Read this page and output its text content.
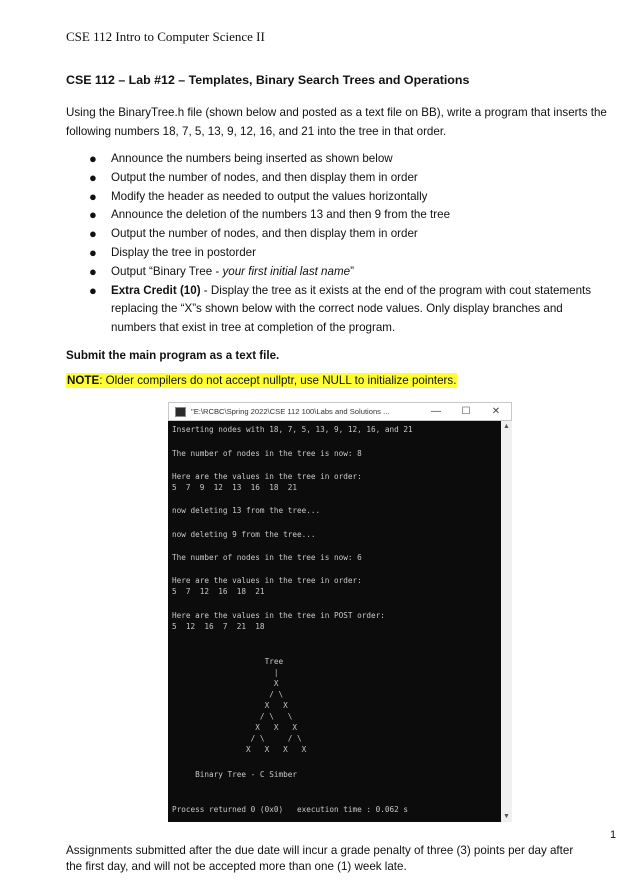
CSE 112 Intro to Computer Science II
CSE 112 – Lab #12 – Templates, Binary Search Trees and Operations
Using the BinaryTree.h file (shown below and posted as a text file on BB), write a program that inserts the following numbers 18, 7, 5, 13, 9, 12, 16, and 21 into the tree in that order.
● Announce the numbers being inserted as shown below
● Output the number of nodes, and then display them in order
● Modify the header as needed to output the values horizontally
● Announce the deletion of the numbers 13 and then 9 from the tree
● Output the number of nodes, and then display them in order
● Display the tree in postorder
● Output “Binary Tree - your first initial last name”
● Extra Credit (10) - Display the tree as it exists at the end of the program with cout statements replacing the “X”s shown below with the correct node values. Only display branches and numbers that exist in tree at completion of the program.
Submit the main program as a text file.
NOTE: Older compilers do not accept nullptr, use NULL to initialize pointers.
"E:\RCBC\Spring 2022\CSE 112 100\Labs and Solutions ...	—	☐	✕
Inserting nodes with 18, 7, 5, 13, 9, 12, 16, and 21
The number of nodes in the tree is now: 8
Here are the values in the tree in order:
5  7  9  12  13  16  18  21
now deleting 13 from the tree...
now deleting 9 from the tree...
The number of nodes in the tree is now: 6
Here are the values in the tree in order:
5  7  12  16  18  21
Here are the values in the tree in POST order:
5  12  16  7  21  18
Tree
|
X
/ \
X   X
/ \   \
X   X   X
/ \     / \
X   X   X   X
Binary Tree - C Simber
Process returned 0 (0x0)   execution time : 0.062 s
▲
▼
1
Assignments submitted after the due date will incur a grade penalty of three (3) points per day after the first day, and will not be accepted more than one (1) week late.
